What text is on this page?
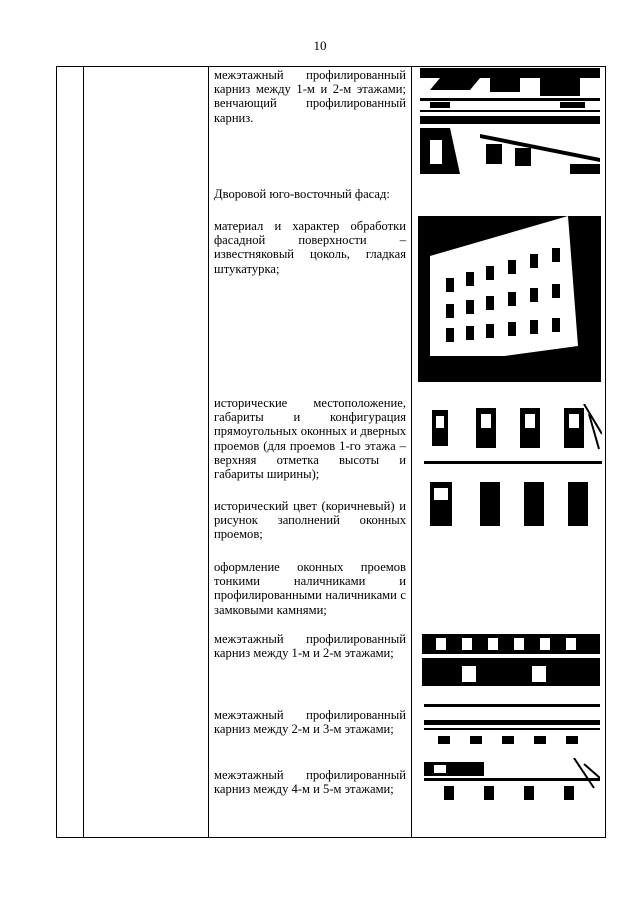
10
межэтажный профилированный карниз между 1-м и 2-м этажами; венчающий профилированный карниз.
Дворовой юго-восточный фасад:
материал и характер обработки фасадной поверхности – известняковый цоколь, гладкая штукатурка;
исторические местоположение, габариты и конфигурация прямоугольных оконных и дверных проемов (для проемов 1-го этажа – верхняя отметка высоты и габариты ширины);
исторический цвет (коричневый) и рисунок заполнений оконных проемов;
оформление оконных проемов тонкими наличниками и профилированными наличниками с замковыми камнями;
межэтажный профилированный карниз между 1-м и 2-м этажами;
межэтажный профилированный карниз между 2-м и 3-м этажами;
межэтажный профилированный карниз между 4-м и 5-м этажами;
